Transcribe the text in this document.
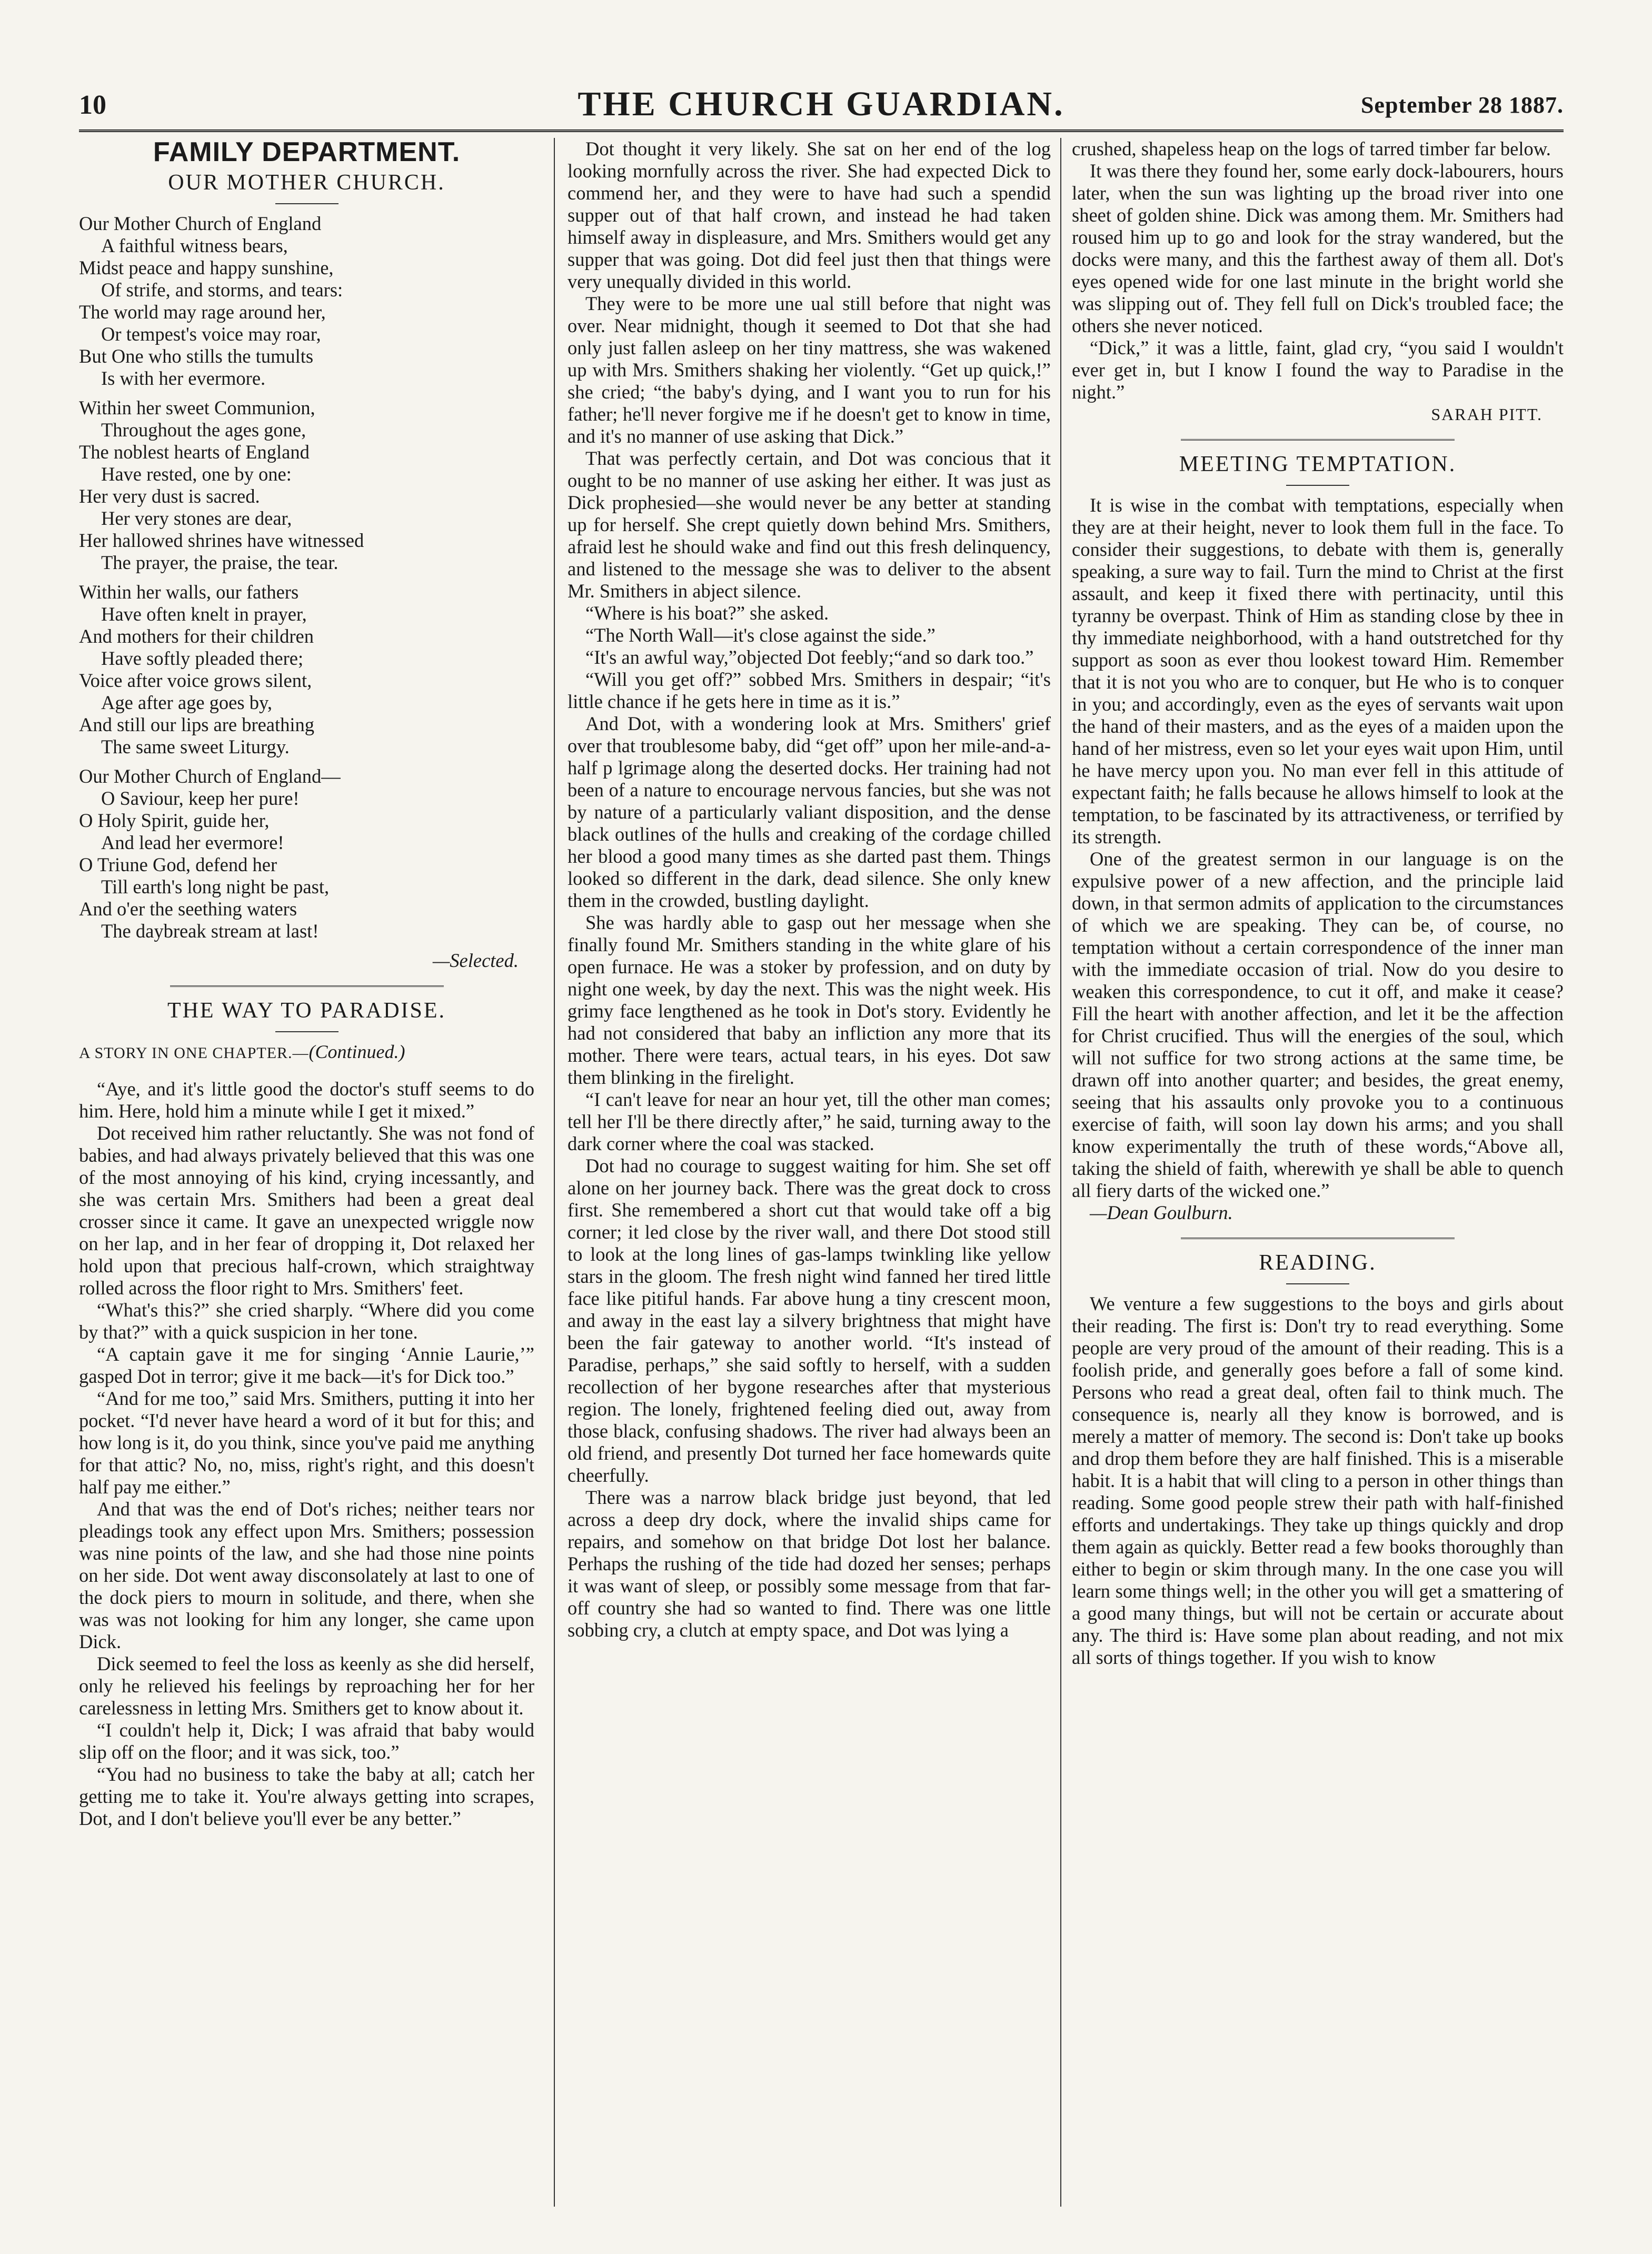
10	THE CHURCH GUARDIAN.	September 28 1887.
FAMILY DEPARTMENT.
OUR MOTHER CHURCH.
Our Mother Church of England
A faithful witness bears,
Midst peace and happy sunshine,
Of strife, and storms, and tears:
The world may rage around her,
Or tempest's voice may roar,
But One who stills the tumults
Is with her evermore.
Within her sweet Communion,
Throughout the ages gone,
The noblest hearts of England
Have rested, one by one:
Her very dust is sacred.
Her very stones are dear,
Her hallowed shrines have witnessed
The prayer, the praise, the tear.
Within her walls, our fathers
Have often knelt in prayer,
And mothers for their children
Have softly pleaded there;
Voice after voice grows silent,
Age after age goes by,
And still our lips are breathing
The same sweet Liturgy.
Our Mother Church of England—
O Saviour, keep her pure!
O Holy Spirit, guide her,
And lead her evermore!
O Triune God, defend her
Till earth's long night be past,
And o'er the seething waters
The daybreak stream at last!

—Selected.

THE WAY TO PARADISE.
A STORY IN ONE CHAPTER.—(Continued.)

“Aye, and it's little good the doctor's stuff seems to do him. Here, hold him a minute while I get it mixed.”

Dot received him rather reluctantly. She was not fond of babies, and had always privately believed that this was one of the most annoying of his kind, crying incessantly, and she was certain Mrs. Smithers had been a great deal crosser since it came. It gave an unexpected wriggle now on her lap, and in her fear of dropping it, Dot relaxed her hold upon that precious half-crown, which straightway rolled across the floor right to Mrs. Smithers' feet.

“What's this?” she cried sharply. “Where did you come by that?” with a quick suspicion in her tone.

“A captain gave it me for singing ‘Annie Laurie,’” gasped Dot in terror; give it me back—it's for Dick too.”

“And for me too,” said Mrs. Smithers, putting it into her pocket. “I'd never have heard a word of it but for this; and how long is it, do you think, since you've paid me anything for that attic? No, no, miss, right's right, and this doesn't half pay me either.”

And that was the end of Dot's riches; neither tears nor pleadings took any effect upon Mrs. Smithers; possession was nine points of the law, and she had those nine points on her side. Dot went away disconsolately at last to one of the dock piers to mourn in solitude, and there, when she was was not looking for him any longer, she came upon Dick.

Dick seemed to feel the loss as keenly as she did herself, only he relieved his feelings by reproaching her for her carelessness in letting Mrs. Smithers get to know about it.

“I couldn't help it, Dick; I was afraid that baby would slip off on the floor; and it was sick, too.”

“You had no business to take the baby at all; catch her getting me to take it. You're always getting into scrapes, Dot, and I don't believe you'll ever be any better.”

Dot thought it very likely. She sat on her end of the log looking mornfully across the river. She had expected Dick to commend her, and they were to have had such a spendid supper out of that half crown, and instead he had taken himself away in displeasure, and Mrs. Smithers would get any supper that was going. Dot did feel just then that things were very unequally divided in this world.

They were to be more une ual still before that night was over. Near midnight, though it seemed to Dot that she had only just fallen asleep on her tiny mattress, she was wakened up with Mrs. Smithers shaking her violently. “Get up quick,!” she cried; “the baby's dying, and I want you to run for his father; he'll never forgive me if he doesn't get to know in time, and it's no manner of use asking that Dick.”

That was perfectly certain, and Dot was concious that it ought to be no manner of use asking her either. It was just as Dick prophesied—she would never be any better at standing up for herself. She crept quietly down behind Mrs. Smithers, afraid lest he should wake and find out this fresh delinquency, and listened to the message she was to deliver to the absent Mr. Smithers in abject silence.

“Where is his boat?” she asked.

“The North Wall—it's close against the side.”

“It's an awful way,”objected Dot feebly;“and so dark too.”

“Will you get off?” sobbed Mrs. Smithers in despair; “it's little chance if he gets here in time as it is.”

And Dot, with a wondering look at Mrs. Smithers' grief over that troublesome baby, did “get off” upon her mile-and-a-half p lgrimage along the deserted docks. Her training had not been of a nature to encourage nervous fancies, but she was not by nature of a particularly valiant disposition, and the dense black outlines of the hulls and creaking of the cordage chilled her blood a good many times as she darted past them. Things looked so different in the dark, dead silence. She only knew them in the crowded, bustling daylight.

She was hardly able to gasp out her message when she finally found Mr. Smithers standing in the white glare of his open furnace. He was a stoker by profession, and on duty by night one week, by day the next. This was the night week. His grimy face lengthened as he took in Dot's story. Evidently he had not considered that baby an infliction any more that its mother. There were tears, actual tears, in his eyes. Dot saw them blinking in the firelight.

“I can't leave for near an hour yet, till the other man comes; tell her I'll be there directly after,” he said, turning away to the dark corner where the coal was stacked.

Dot had no courage to suggest waiting for him. She set off alone on her journey back. There was the great dock to cross first. She remembered a short cut that would take off a big corner; it led close by the river wall, and there Dot stood still to look at the long lines of gas-lamps twinkling like yellow stars in the gloom. The fresh night wind fanned her tired little face like pitiful hands. Far above hung a tiny crescent moon, and away in the east lay a silvery brightness that might have been the fair gateway to another world. “It's instead of Paradise, perhaps,” she said softly to herself, with a sudden recollection of her bygone researches after that mysterious region. The lonely, frightened feeling died out, away from those black, confusing shadows. The river had always been an old friend, and presently Dot turned her face homewards quite cheerfully.

There was a narrow black bridge just beyond, that led across a deep dry dock, where the invalid ships came for repairs, and somehow on that bridge Dot lost her balance. Perhaps the rushing of the tide had dozed her senses; perhaps it was want of sleep, or possibly some message from that far-off country she had so wanted to find. There was one little sobbing cry, a clutch at empty space, and Dot was lying a

crushed, shapeless heap on the logs of tarred timber far below.

It was there they found her, some early dock-labourers, hours later, when the sun was lighting up the broad river into one sheet of golden shine. Dick was among them. Mr. Smithers had roused him up to go and look for the stray wandered, but the docks were many, and this the farthest away of them all. Dot's eyes opened wide for one last minute in the bright world she was slipping out of. They fell full on Dick's troubled face; the others she never noticed.

“Dick,” it was a little, faint, glad cry, “you said I wouldn't ever get in, but I know I found the way to Paradise in the night.”

SARAH PITT.

MEETING TEMPTATION.

It is wise in the combat with temptations, especially when they are at their height, never to look them full in the face. To consider their suggestions, to debate with them is, generally speaking, a sure way to fail. Turn the mind to Christ at the first assault, and keep it fixed there with pertinacity, until this tyranny be overpast. Think of Him as standing close by thee in thy immediate neighborhood, with a hand outstretched for thy support as soon as ever thou lookest toward Him. Remember that it is not you who are to conquer, but He who is to conquer in you; and accordingly, even as the eyes of servants wait upon the hand of their masters, and as the eyes of a maiden upon the hand of her mistress, even so let your eyes wait upon Him, until he have mercy upon you. No man ever fell in this attitude of expectant faith; he falls because he allows himself to look at the temptation, to be fascinated by its attractiveness, or terrified by its strength.

One of the greatest sermon in our language is on the expulsive power of a new affection, and the principle laid down, in that sermon admits of application to the circumstances of which we are speaking. They can be, of course, no temptation without a certain correspondence of the inner man with the immediate occasion of trial. Now do you desire to weaken this correspondence, to cut it off, and make it cease? Fill the heart with another affection, and let it be the affection for Christ crucified. Thus will the energies of the soul, which will not suffice for two strong actions at the same time, be drawn off into another quarter; and besides, the great enemy, seeing that his assaults only provoke you to a continuous exercise of faith, will soon lay down his arms; and you shall know experimentally the truth of these words,“Above all, taking the shield of faith, wherewith ye shall be able to quench all fiery darts of the wicked one.”

—Dean Goulburn.

READING.

We venture a few suggestions to the boys and girls about their reading. The first is: Don't try to read everything. Some people are very proud of the amount of their reading. This is a foolish pride, and generally goes before a fall of some kind. Persons who read a great deal, often fail to think much. The consequence is, nearly all they know is borrowed, and is merely a matter of memory. The second is: Don't take up books and drop them before they are half finished. This is a miserable habit. It is a habit that will cling to a person in other things than reading. Some good people strew their path with half-finished efforts and undertakings. They take up things quickly and drop them again as quickly. Better read a few books thoroughly than either to begin or skim through many. In the one case you will learn some things well; in the other you will get a smattering of a good many things, but will not be certain or accurate about any. The third is: Have some plan about reading, and not mix all sorts of things together. If you wish to know
